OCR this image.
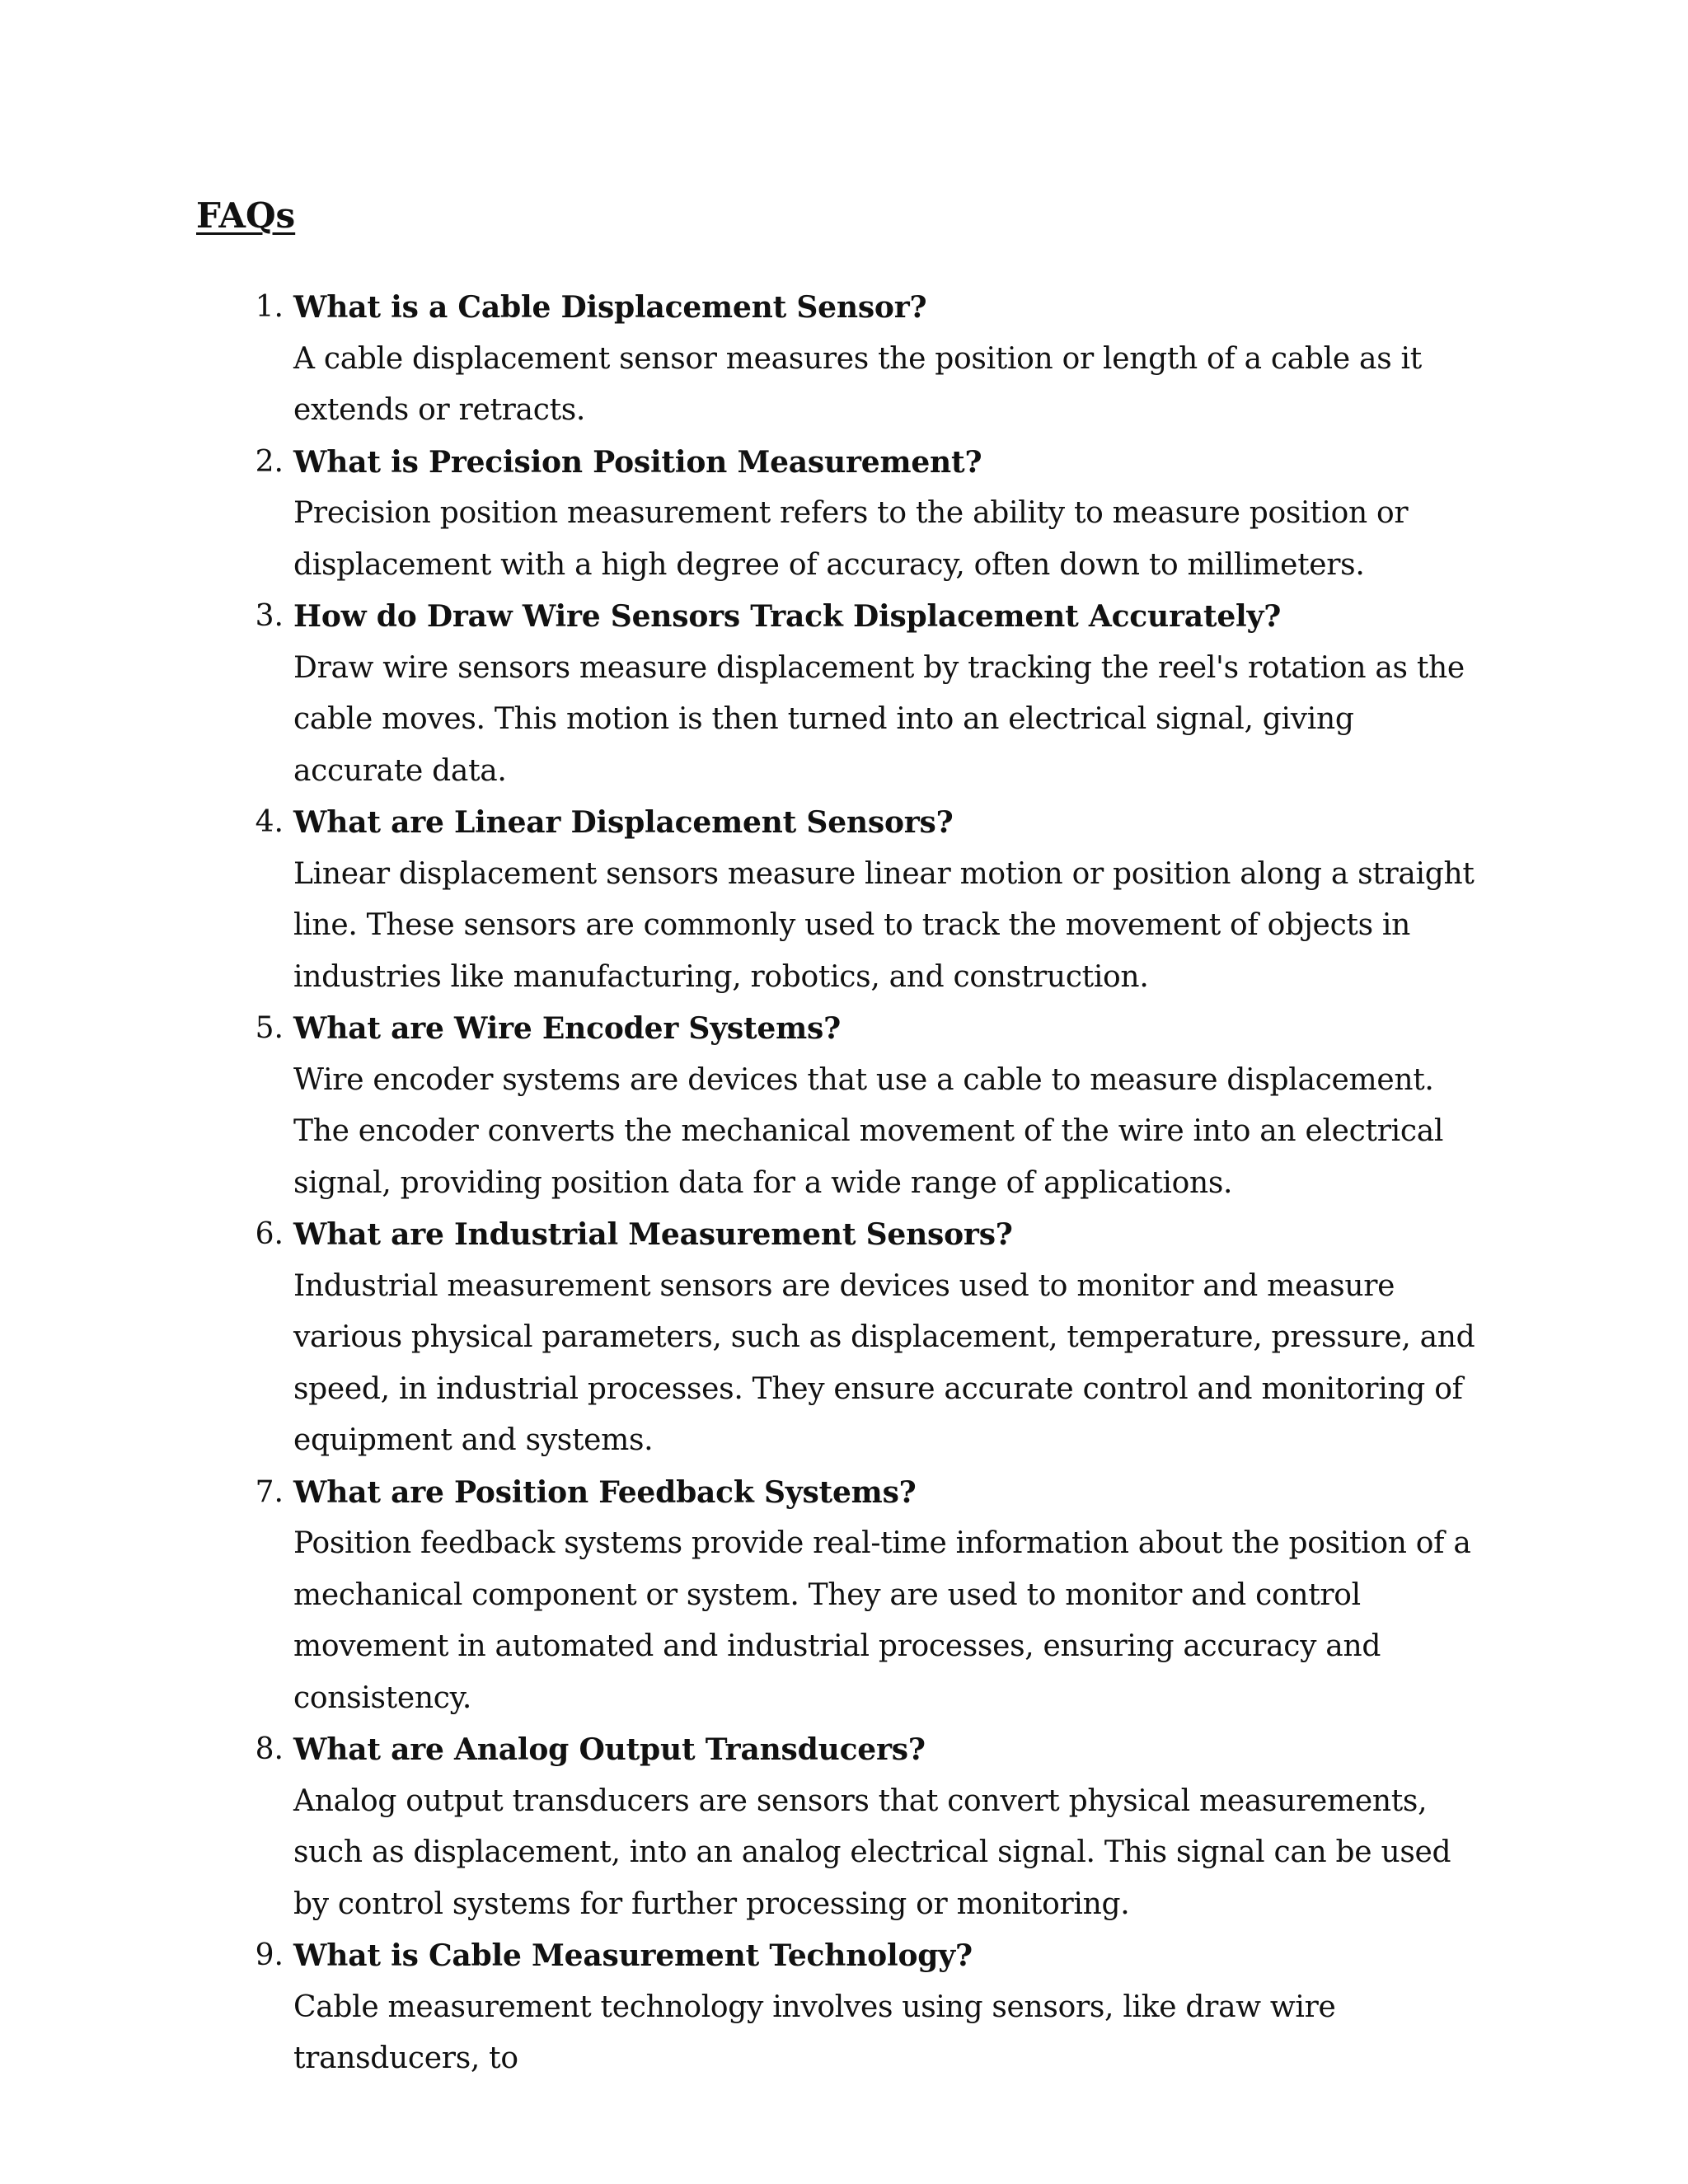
FAQs
1. What is a Cable Displacement Sensor?

A cable displacement sensor measures the position or length of a cable as it extends or retracts.

2. What is Precision Position Measurement?

Precision position measurement refers to the ability to measure position or displacement with a high degree of accuracy, often down to millimeters.

3. How do Draw Wire Sensors Track Displacement Accurately?

Draw wire sensors measure displacement by tracking the reel's rotation as the cable moves. This motion is then turned into an electrical signal, giving accurate data.

4. What are Linear Displacement Sensors?

Linear displacement sensors measure linear motion or position along a straight line. These sensors are commonly used to track the movement of objects in industries like manufacturing, robotics, and construction.

5. What are Wire Encoder Systems?

Wire encoder systems are devices that use a cable to measure displacement. The encoder converts the mechanical movement of the wire into an electrical signal, providing position data for a wide range of applications.

6. What are Industrial Measurement Sensors?

Industrial measurement sensors are devices used to monitor and measure various physical parameters, such as displacement, temperature, pressure, and speed, in industrial processes. They ensure accurate control and monitoring of equipment and systems.

7. What are Position Feedback Systems?

Position feedback systems provide real-time information about the position of a mechanical component or system. They are used to monitor and control movement in automated and industrial processes, ensuring accuracy and consistency.

8. What are Analog Output Transducers?

Analog output transducers are sensors that convert physical measurements, such as displacement, into an analog electrical signal. This signal can be used by control systems for further processing or monitoring.

9. What is Cable Measurement Technology?

Cable measurement technology involves using sensors, like draw wire transducers, to
